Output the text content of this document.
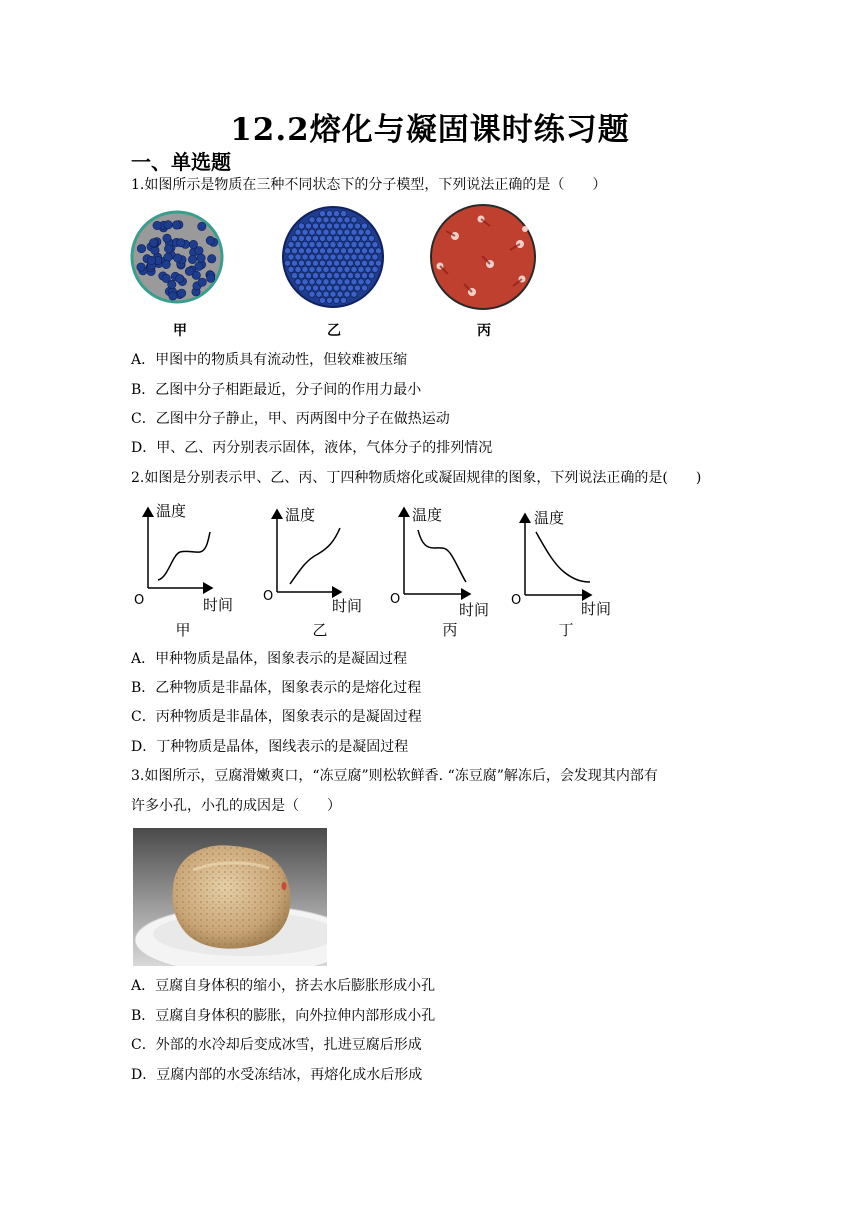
12.2熔化与凝固课时练习题
一、单选题
1.如图所示是物质在三种不同状态下的分子模型，下列说法正确的是（　　）
甲	乙	丙
A．甲图中的物质具有流动性，但较难被压缩
B．乙图中分子相距最近，分子间的作用力最小
C．乙图中分子静止，甲、丙两图中分子在做热运动
D．甲、乙、丙分别表示固体，液体，气体分子的排列情况
2.如图是分别表示甲、乙、丙、丁四种物质熔化或凝固规律的图象，下列说法正确的是(　　)
温度
时间
O
甲
温度
时间
O
乙
温度
时间
O
丙
温度
时间
O
丁
A．甲种物质是晶体，图象表示的是凝固过程
B．乙种物质是非晶体，图象表示的是熔化过程
C．丙种物质是非晶体，图象表示的是凝固过程
D．丁种物质是晶体，图线表示的是凝固过程
3.如图所示，豆腐滑嫩爽口，“冻豆腐”则松软鲜香. “冻豆腐”解冻后，会发现其内部有
许多小孔，小孔的成因是（　　）
A．豆腐自身体积的缩小，挤去水后膨胀形成小孔
B．豆腐自身体积的膨胀，向外拉伸内部形成小孔
C．外部的水冷却后变成冰雪，扎进豆腐后形成
D．豆腐内部的水受冻结冰，再熔化成水后形成
